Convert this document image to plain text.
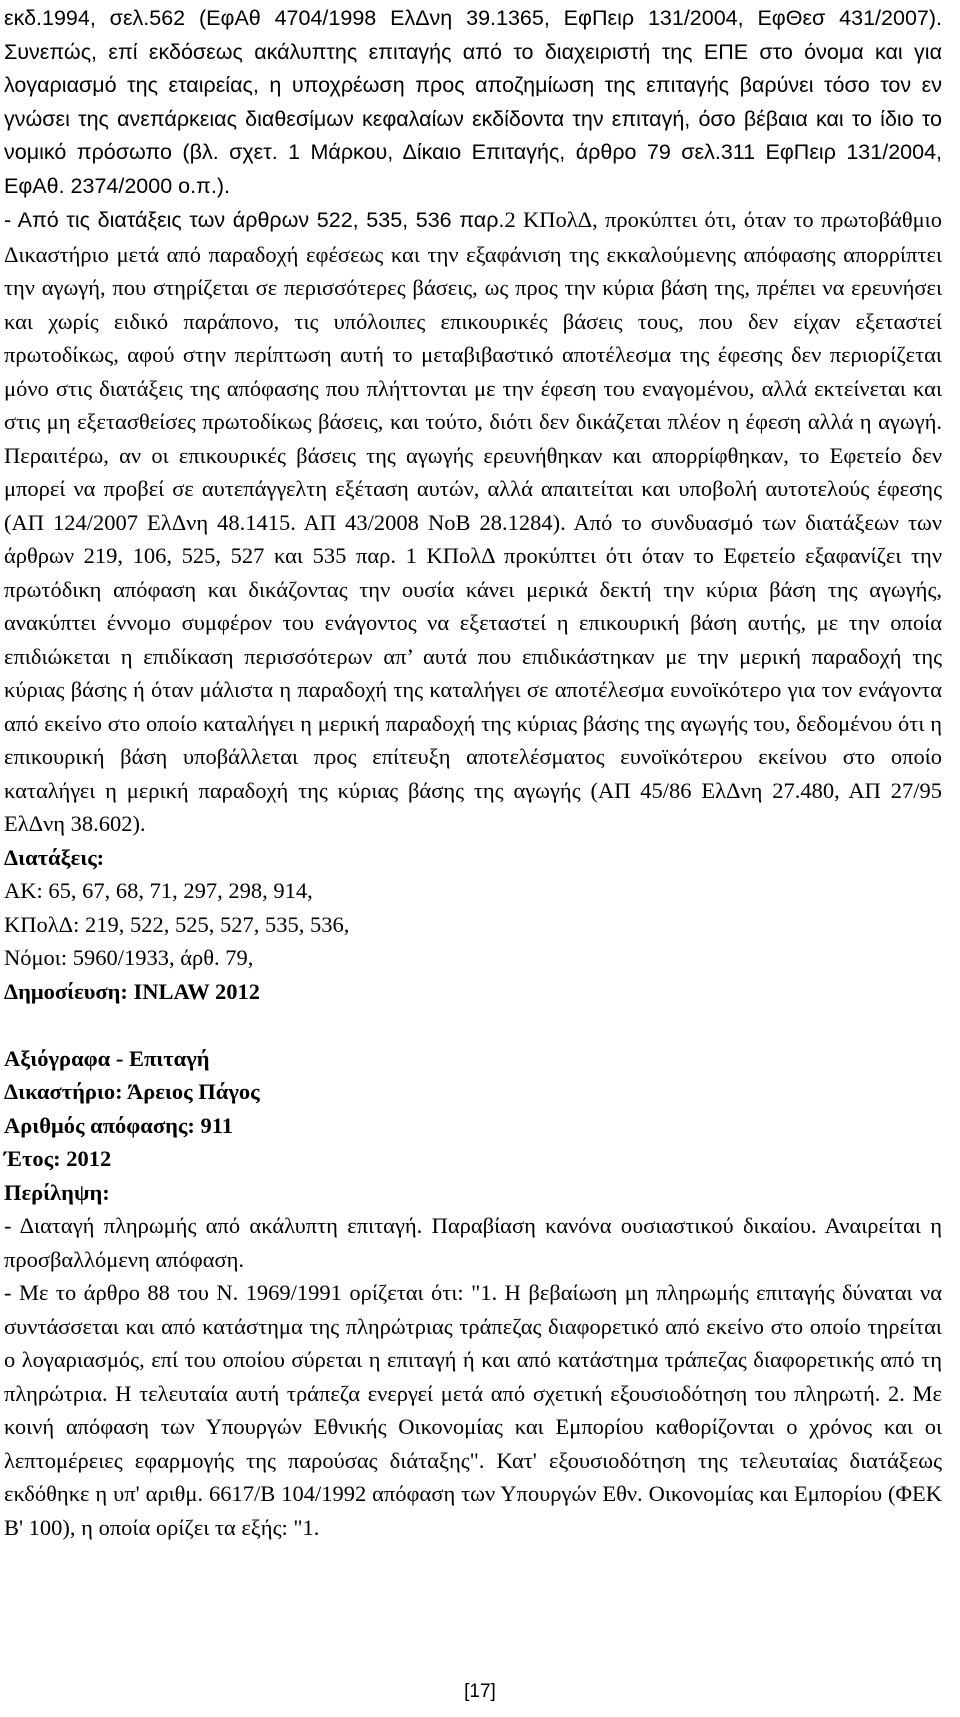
εκδ.1994, σελ.562 (ΕφΑθ 4704/1998 ΕλΔνη 39.1365, ΕφΠειρ 131/2004, ΕφΘεσ 431/2007). Συνεπώς, επί εκδόσεως ακάλυπτης επιταγής από το διαχειριστή της ΕΠΕ στο όνομα και για λογαριασμό της εταιρείας, η υποχρέωση προς αποζημίωση της επιταγής βαρύνει τόσο τον εν γνώσει της ανεπάρκειας διαθεσίμων κεφαλαίων εκδίδοντα την επιταγή, όσο βέβαια και το ίδιο το νομικό πρόσωπο (βλ. σχετ. 1 Μάρκου, Δίκαιο Επιταγής, άρθρο 79 σελ.311 ΕφΠειρ 131/2004, ΕφΑθ. 2374/2000 ο.π.).

- Από τις διατάξεις των άρθρων 522, 535, 536 παρ.2 ΚΠολΔ, προκύπτει ότι, όταν το πρωτοβάθμιο Δικαστήριο μετά από παραδοχή εφέσεως και την εξαφάνιση της εκκαλούμενης απόφασης απορρίπτει την αγωγή, που στηρίζεται σε περισσότερες βάσεις, ως προς την κύρια βάση της, πρέπει να ερευνήσει και χωρίς ειδικό παράπονο, τις υπόλοιπες επικουρικές βάσεις τους, που δεν είχαν εξεταστεί πρωτοδίκως, αφού στην περίπτωση αυτή το μεταβιβαστικό αποτέλεσμα της έφεσης δεν περιορίζεται μόνο στις διατάξεις της απόφασης που πλήττονται με την έφεση του εναγομένου, αλλά εκτείνεται και στις μη εξετασθείσες πρωτοδίκως βάσεις, και τούτο, διότι δεν δικάζεται πλέον η έφεση αλλά η αγωγή. Περαιτέρω, αν οι επικουρικές βάσεις της αγωγής ερευνήθηκαν και απορρίφθηκαν, το Εφετείο δεν μπορεί να προβεί σε αυτεπάγγελτη εξέταση αυτών, αλλά απαιτείται και υποβολή αυτοτελούς έφεσης (ΑΠ 124/2007 ΕλΔνη 48.1415. ΑΠ 43/2008 ΝοΒ 28.1284). Από το συνδυασμό των διατάξεων των άρθρων 219, 106, 525, 527 και 535 παρ. 1 ΚΠολΔ προκύπτει ότι όταν το Εφετείο εξαφανίζει την πρωτόδικη απόφαση και δικάζοντας την ουσία κάνει μερικά δεκτή την κύρια βάση της αγωγής, ανακύπτει έννομο συμφέρον του ενάγοντος να εξεταστεί η επικουρική βάση αυτής, με την οποία επιδιώκεται η επιδίκαση περισσότερων απ’ αυτά που επιδικάστηκαν με την μερική παραδοχή της κύριας βάσης ή όταν μάλιστα η παραδοχή της καταλήγει σε αποτέλεσμα ευνοϊκότερο για τον ενάγοντα από εκείνο στο οποίο καταλήγει η μερική παραδοχή της κύριας βάσης της αγωγής του, δεδομένου ότι η επικουρική βάση υποβάλλεται προς επίτευξη αποτελέσματος ευνοϊκότερου εκείνου στο οποίο καταλήγει η μερική παραδοχή της κύριας βάσης της αγωγής (ΑΠ 45/86 ΕλΔνη 27.480, ΑΠ 27/95 ΕλΔνη 38.602).

Διατάξεις:

ΑΚ: 65, 67, 68, 71, 297, 298, 914,

ΚΠολΔ: 219, 522, 525, 527, 535, 536,

Νόμοι: 5960/1933, άρθ. 79,

Δημοσίευση: INLAW 2012

Αξιόγραφα - Επιταγή

Δικαστήριο: Άρειος Πάγος

Αριθμός απόφασης: 911

Έτος: 2012

Περίληψη:

- Διαταγή πληρωμής από ακάλυπτη επιταγή. Παραβίαση κανόνα ουσιαστικού δικαίου. Αναιρείται η προσβαλλόμενη απόφαση.

- Με το άρθρο 88 του Ν. 1969/1991 ορίζεται ότι: "1. Η βεβαίωση μη πληρωμής επιταγής δύναται να συντάσσεται και από κατάστημα της πληρώτριας τράπεζας διαφορετικό από εκείνο στο οποίο τηρείται ο λογαριασμός, επί του οποίου σύρεται η επιταγή ή και από κατάστημα τράπεζας διαφορετικής από τη πληρώτρια. Η τελευταία αυτή τράπεζα ενεργεί μετά από σχετική εξουσιοδότηση του πληρωτή. 2. Με κοινή απόφαση των Υπουργών Εθνικής Οικονομίας και Εμπορίου καθορίζονται ο χρόνος και οι λεπτομέρειες εφαρμογής της παρούσας διάταξης". Κατ' εξουσιοδότηση της τελευταίας διατάξεως εκδόθηκε η υπ' αριθμ. 6617/Β 104/1992 απόφαση των Υπουργών Εθν. Οικονομίας και Εμπορίου (ΦΕΚ Β' 100), η οποία ορίζει τα εξής: "1.

[17]
